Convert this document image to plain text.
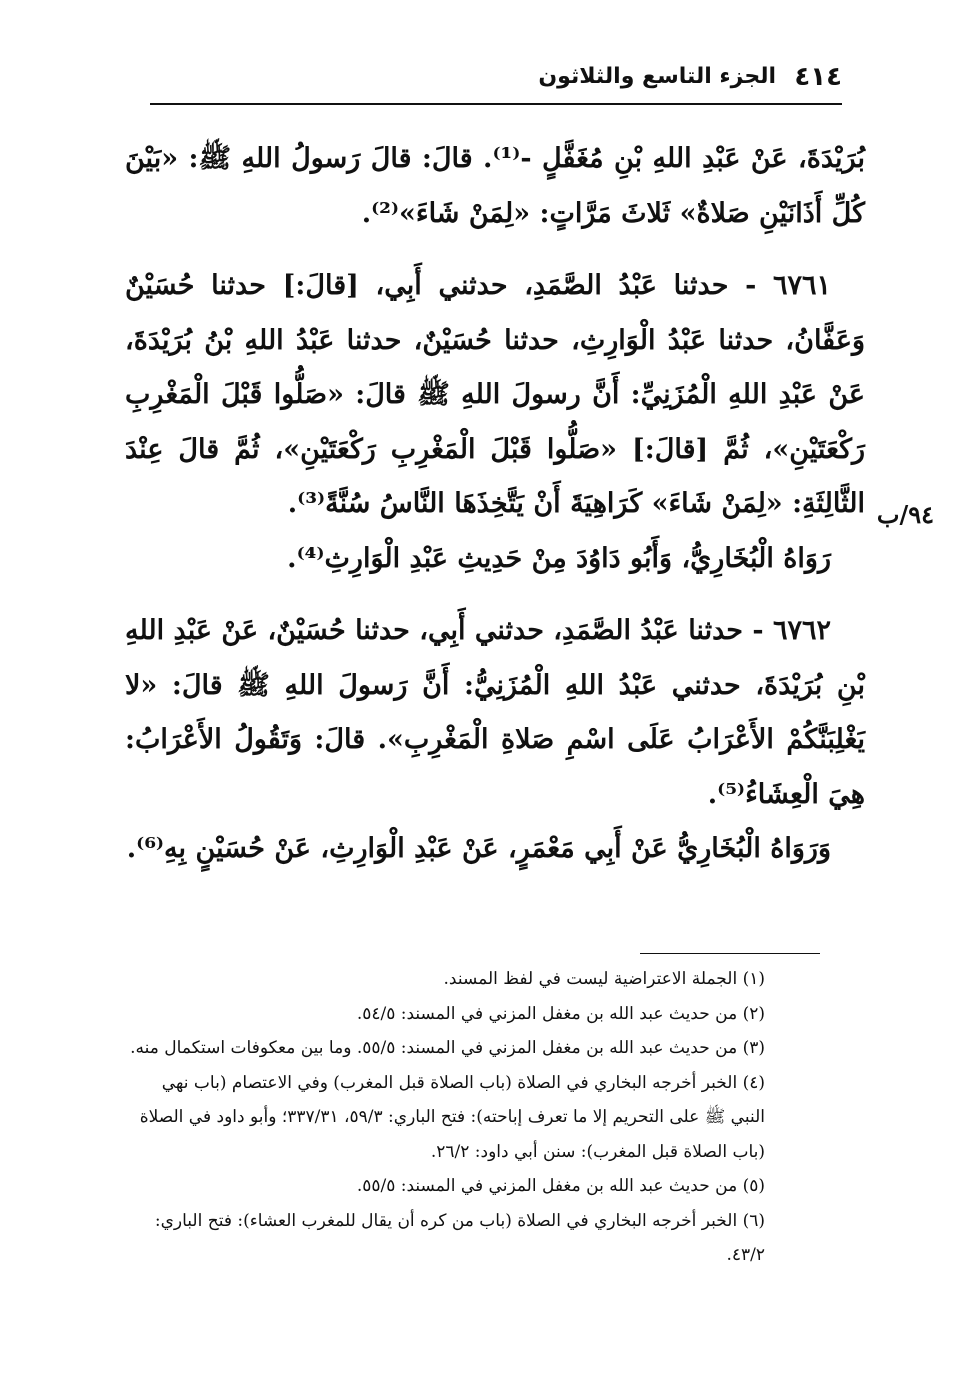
٤١٤
الجزء التاسع والثلاثون

بُرَيْدَةَ، عَنْ عَبْدِ اللهِ بْنِ مُغَفَّلٍ -⁽¹⁾. قالَ: قالَ رَسولُ اللهِ ﷺ: «بَيْنَ كُلِّ أَذَانَيْنِ صَلاةٌ» ثَلاثَ مَرَّاتٍ: «لِمَنْ شَاءَ»⁽²⁾.

٦٧٦١ - حدثنا عَبْدُ الصَّمَدِ، حدثني أَبِي، [قالَ:] حدثنا حُسَيْنٌ وَعَفَّانُ، حدثنا عَبْدُ الْوَارِثِ، حدثنا حُسَيْنٌ، حدثنا عَبْدُ اللهِ بْنُ بُرَيْدَةَ، عَنْ عَبْدِ اللهِ الْمُزَنِيِّ: أَنَّ رسولَ اللهِ ﷺ قالَ: «صَلُّوا قَبْلَ الْمَغْرِبِ رَكْعَتَيْنِ»، ثُمَّ [قالَ:] «صَلُّوا قَبْلَ الْمَغْرِبِ رَكْعَتَيْنِ»، ثُمَّ قالَ عِنْدَ الثَّالِثَةِ: «لِمَنْ شَاءَ» كَرَاهِيَةَ أَنْ يَتَّخِذَهَا النَّاسُ سُنَّةً⁽³⁾.

رَوَاهُ الْبُخَارِيُّ، وَأَبُو دَاوُدَ مِنْ حَدِيثِ عَبْدِ الْوَارِثِ⁽⁴⁾.

٦٧٦٢ - حدثنا عَبْدُ الصَّمَدِ، حدثني أَبِي، حدثنا حُسَيْنٌ، عَنْ عَبْدِ اللهِ بْنِ بُرَيْدَةَ، حدثني عَبْدُ اللهِ الْمُزَنِيُّ: أَنَّ رَسولَ اللهِ ﷺ قالَ: «لا يَغْلِبَنَّكُمْ الأَعْرَابُ عَلَى اسْمِ صَلاةِ الْمَغْرِبِ». قالَ: وَتَقُولُ الأَعْرَابُ: هِيَ الْعِشَاءُ⁽⁵⁾.

وَرَوَاهُ الْبُخَارِيُّ عَنْ أَبِي مَعْمَرٍ، عَنْ عَبْدِ الْوَارِثِ، عَنْ حُسَيْنٍ بِهِ⁽⁶⁾.

٩٤/ب

(١) الجملة الاعتراضية ليست في لفظ المسند.

(٢) من حديث عبد الله بن مغفل المزني في المسند: ٥٤/٥.

(٣) من حديث عبد الله بن مغفل المزني في المسند: ٥٥/٥. وما بين معكوفات استكمال منه.

(٤) الخبر أخرجه البخاري في الصلاة (باب الصلاة قبل المغرب) وفي الاعتصام (باب نهي النبي ﷺ على التحريم إلا ما تعرف إباحته): فتح الباري: ٥٩/٣، ٣٣٧/٣١؛ وأبو داود في الصلاة (باب الصلاة قبل المغرب): سنن أبي داود: ٢٦/٢.

(٥) من حديث عبد الله بن مغفل المزني في المسند: ٥٥/٥.

(٦) الخبر أخرجه البخاري في الصلاة (باب من كره أن يقال للمغرب العشاء): فتح الباري: ٤٣/٢.
